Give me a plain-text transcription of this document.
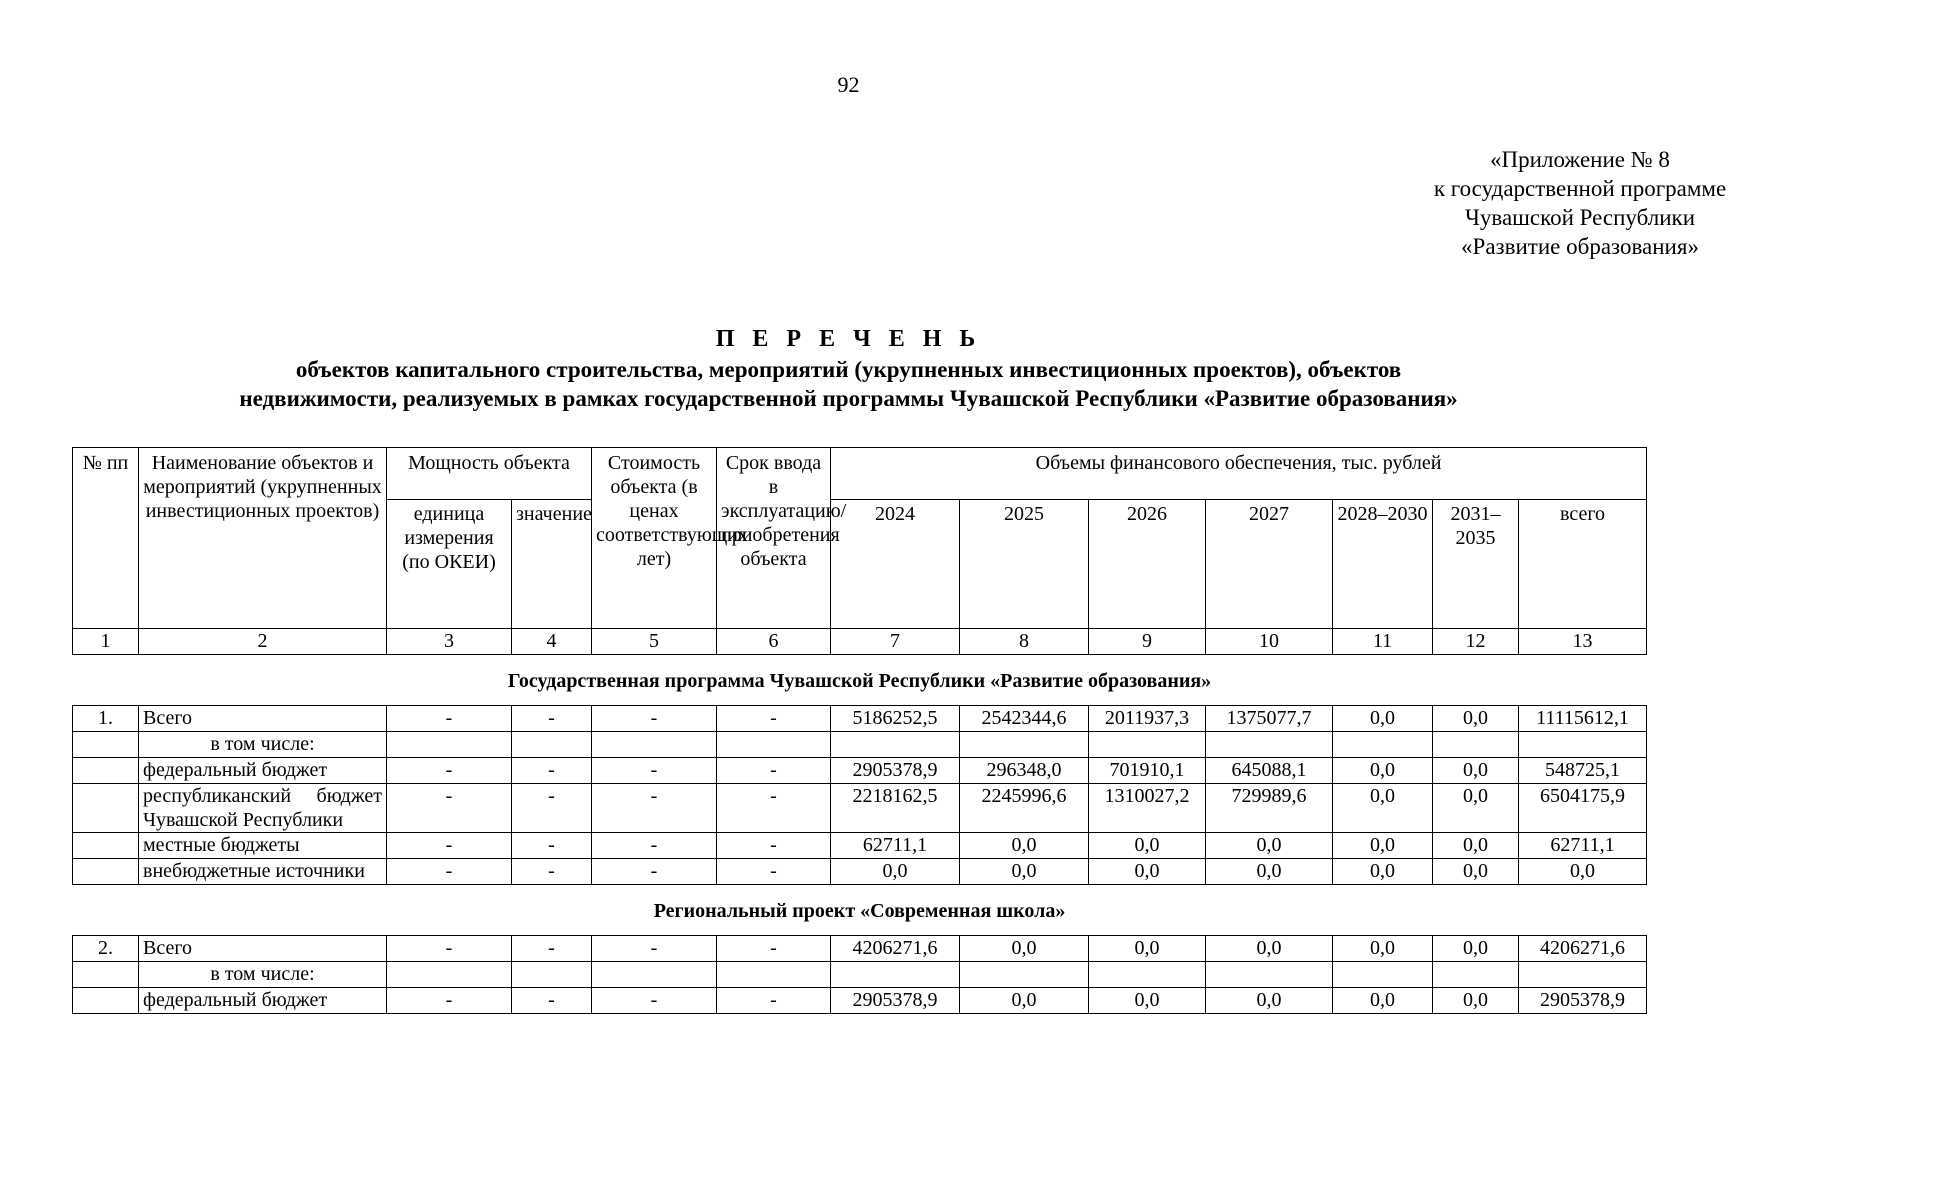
92
«Приложение № 8
к государственной программе
Чувашской Республики
«Развитие образования»
П Е Р Е Ч Е Н Ь
объектов капитального строительства, мероприятий (укрупненных инвестиционных проектов), объектов
недвижимости, реализуемых в рамках государственной программы Чувашской Республики «Развитие образования»
№ пп	Наименование объектов и мероприятий (укрупненных инвестиционных проектов)	Мощность объекта		Стоимость объекта (в ценах соответствующих лет)	Срок ввода в эксплуатацию/ приобретения объекта	Объемы финансового обеспечения, тыс. рублей						
		единица измерения (по ОКЕИ)	значение			2024	2025	2026	2027	2028–2030	2031–2035	всего
1	2	3	4	5	6	7	8	9	10	11	12	13
Государственная программа Чувашской Республики «Развитие образования»												
1.	Всего	-	-	-	-	5186252,5	2542344,6	2011937,3	1375077,7	0,0	0,0	11115612,1
	в том числе:											
	федеральный бюджет	-	-	-	-	2905378,9	296348,0	701910,1	645088,1	0,0	0,0	548725,1
	республиканский бюджет Чувашской Республики	-	-	-	-	2218162,5	2245996,6	1310027,2	729989,6	0,0	0,0	6504175,9
	местные бюджеты	-	-	-	-	62711,1	0,0	0,0	0,0	0,0	0,0	62711,1
	внебюджетные источники	-	-	-	-	0,0	0,0	0,0	0,0	0,0	0,0	0,0
Региональный проект «Современная школа»												
2.	Всего	-	-	-	-	4206271,6	0,0	0,0	0,0	0,0	0,0	4206271,6
	в том числе:											
	федеральный бюджет	-	-	-	-	2905378,9	0,0	0,0	0,0	0,0	0,0	2905378,9
